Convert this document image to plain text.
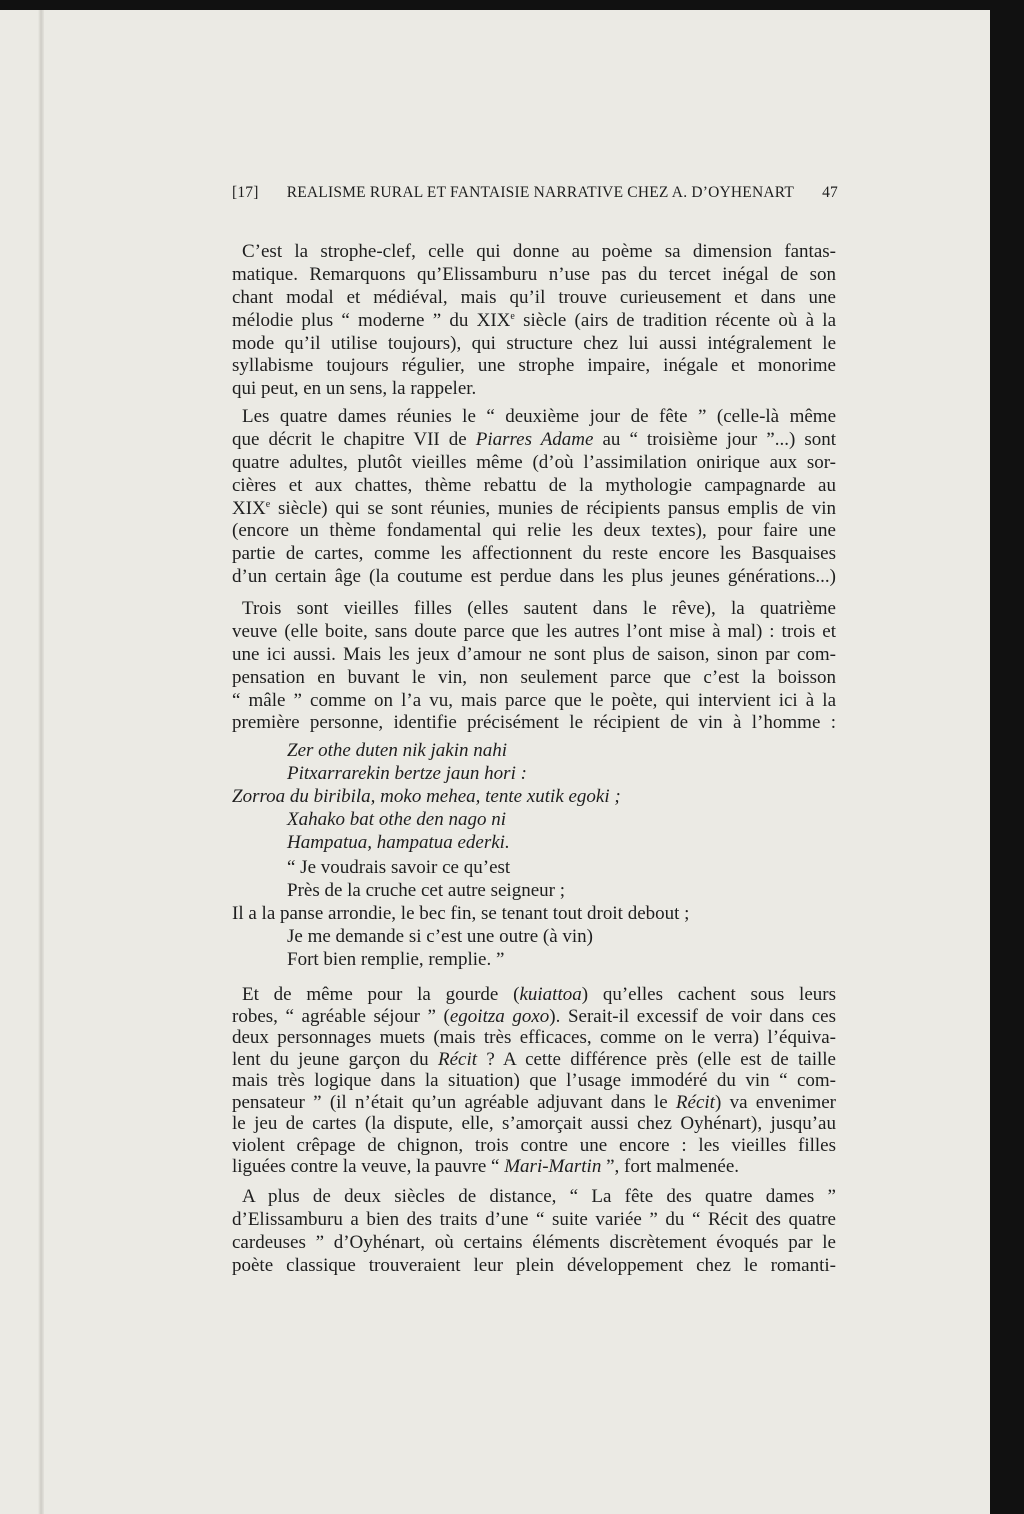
[17] REALISME RURAL ET FANTAISIE NARRATIVE CHEZ A. D’OYHENART 47
C’est la strophe-clef, celle qui donne au poème sa dimension fantas-
matique. Remarquons qu’Elissamburu n’use pas du tercet inégal de son
chant modal et médiéval, mais qu’il trouve curieusement et dans une
mélodie plus “ moderne ” du XIXe siècle (airs de tradition récente où à la
mode qu’il utilise toujours), qui structure chez lui aussi intégralement le
syllabisme toujours régulier, une strophe impaire, inégale et monorime
qui peut, en un sens, la rappeler.
Les quatre dames réunies le “ deuxième jour de fête ” (celle-là même
que décrit le chapitre VII de Piarres Adame au “ troisième jour ”...) sont
quatre adultes, plutôt vieilles même (d’où l’assimilation onirique aux sor-
cières et aux chattes, thème rebattu de la mythologie campagnarde au
XIXe siècle) qui se sont réunies, munies de récipients pansus emplis de vin
(encore un thème fondamental qui relie les deux textes), pour faire une
partie de cartes, comme les affectionnent du reste encore les Basquaises
d’un certain âge (la coutume est perdue dans les plus jeunes générations...)
Trois sont vieilles filles (elles sautent dans le rêve), la quatrième
veuve (elle boite, sans doute parce que les autres l’ont mise à mal) : trois et
une ici aussi. Mais les jeux d’amour ne sont plus de saison, sinon par com-
pensation en buvant le vin, non seulement parce que c’est la boisson
“ mâle ” comme on l’a vu, mais parce que le poète, qui intervient ici à la
première personne, identifie précisément le récipient de vin à l’homme :
Zer othe duten nik jakin nahi
Pitxarrarekin bertze jaun hori :
Zorroa du biribila, moko mehea, tente xutik egoki ;
Xahako bat othe den nago ni
Hampatua, hampatua ederki.
“ Je voudrais savoir ce qu’est
Près de la cruche cet autre seigneur ;
Il a la panse arrondie, le bec fin, se tenant tout droit debout ;
Je me demande si c’est une outre (à vin)
Fort bien remplie, remplie. ”
Et de même pour la gourde (kuiattoa) qu’elles cachent sous leurs
robes, “ agréable séjour ” (egoitza goxo). Serait-il excessif de voir dans ces
deux personnages muets (mais très efficaces, comme on le verra) l’équiva-
lent du jeune garçon du Récit ? A cette différence près (elle est de taille
mais très logique dans la situation) que l’usage immodéré du vin “ com-
pensateur ” (il n’était qu’un agréable adjuvant dans le Récit) va envenimer
le jeu de cartes (la dispute, elle, s’amorçait aussi chez Oyhénart), jusqu’au
violent crêpage de chignon, trois contre une encore : les vieilles filles
liguées contre la veuve, la pauvre “ Mari-Martin ”, fort malmenée.
A plus de deux siècles de distance, “ La fête des quatre dames ”
d’Elissamburu a bien des traits d’une “ suite variée ” du “ Récit des quatre
cardeuses ” d’Oyhénart, où certains éléments discrètement évoqués par le
poète classique trouveraient leur plein développement chez le romanti-
